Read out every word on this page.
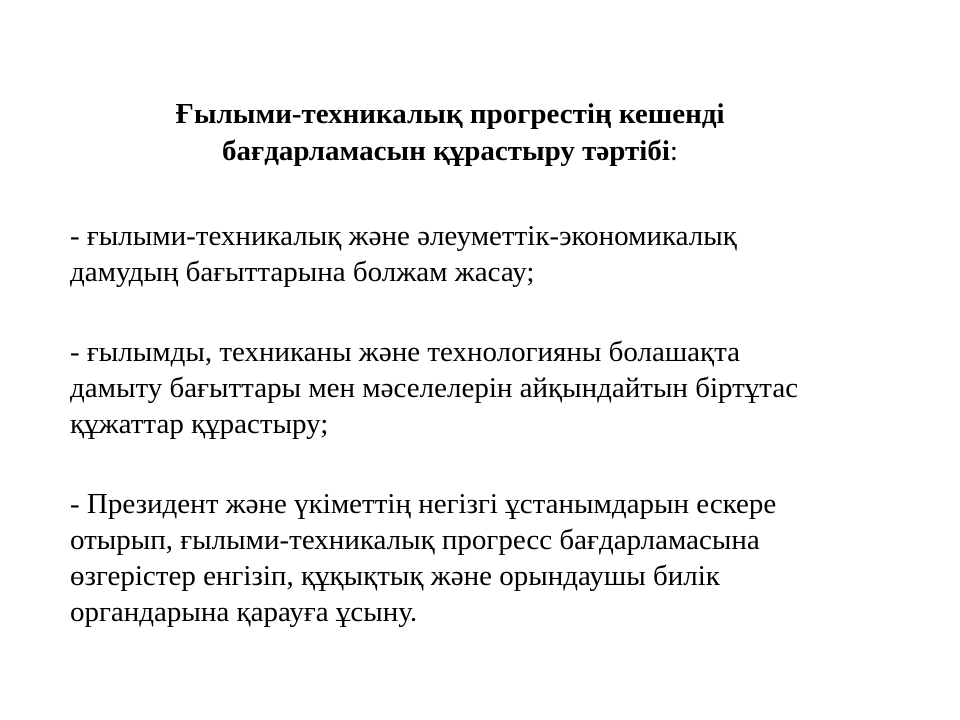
Ғылыми-техникалық прогрестің кешенді
бағдарламасын құрастыру тәртібі:
- ғылыми-техникалық және әлеуметтік-экономикалық
дамудың бағыттарына болжам жасау;
- ғылымды, техниканы және технологияны болашақта
дамыту бағыттары мен мәселелерін айқындайтын біртұтас
құжаттар құрастыру;
- Президент және үкіметтің негізгі ұстанымдарын ескере
отырып, ғылыми-техникалық прогресс бағдарламасына
өзгерістер енгізіп, құқықтық және орындаушы билік
органдарына қарауға ұсыну.
